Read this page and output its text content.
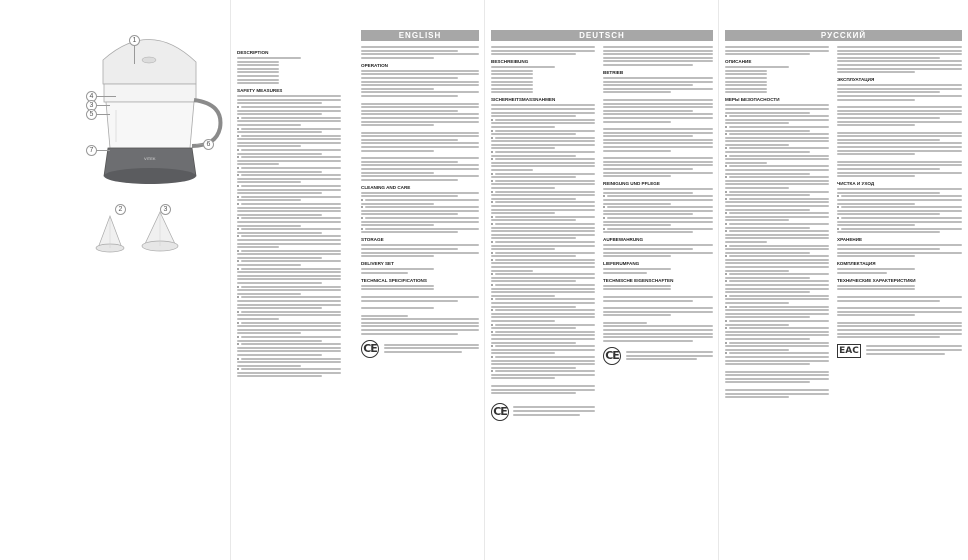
VITEK
1
4
3
5
7
6
2	3
ENGLISH
DESCRIPTION
SAFETY MEASURES
OPERATION
CLEANING AND CARE
STORAGE
DELIVERY SET
TECHNICAL SPECIFICATIONS
CE
DEUTSCH
BESCHREIBUNG
SICHERHEITSMASSNAHMEN
CE
BETRIEB
REINIGUNG UND PFLEGE
AUFBEWAHRUNG
LIEFERUMFANG
TECHNISCHE EIGENSCHAFTEN
CE
РУССКИЙ
ОПИСАНИЕ
МЕРЫ БЕЗОПАСНОСТИ
ЭКСПЛУАТАЦИЯ
ЧИСТКА И УХОД
ХРАНЕНИЕ
КОМПЛЕКТАЦИЯ
ТЕХНИЧЕСКИЕ ХАРАКТЕРИСТИКИ
EAC
